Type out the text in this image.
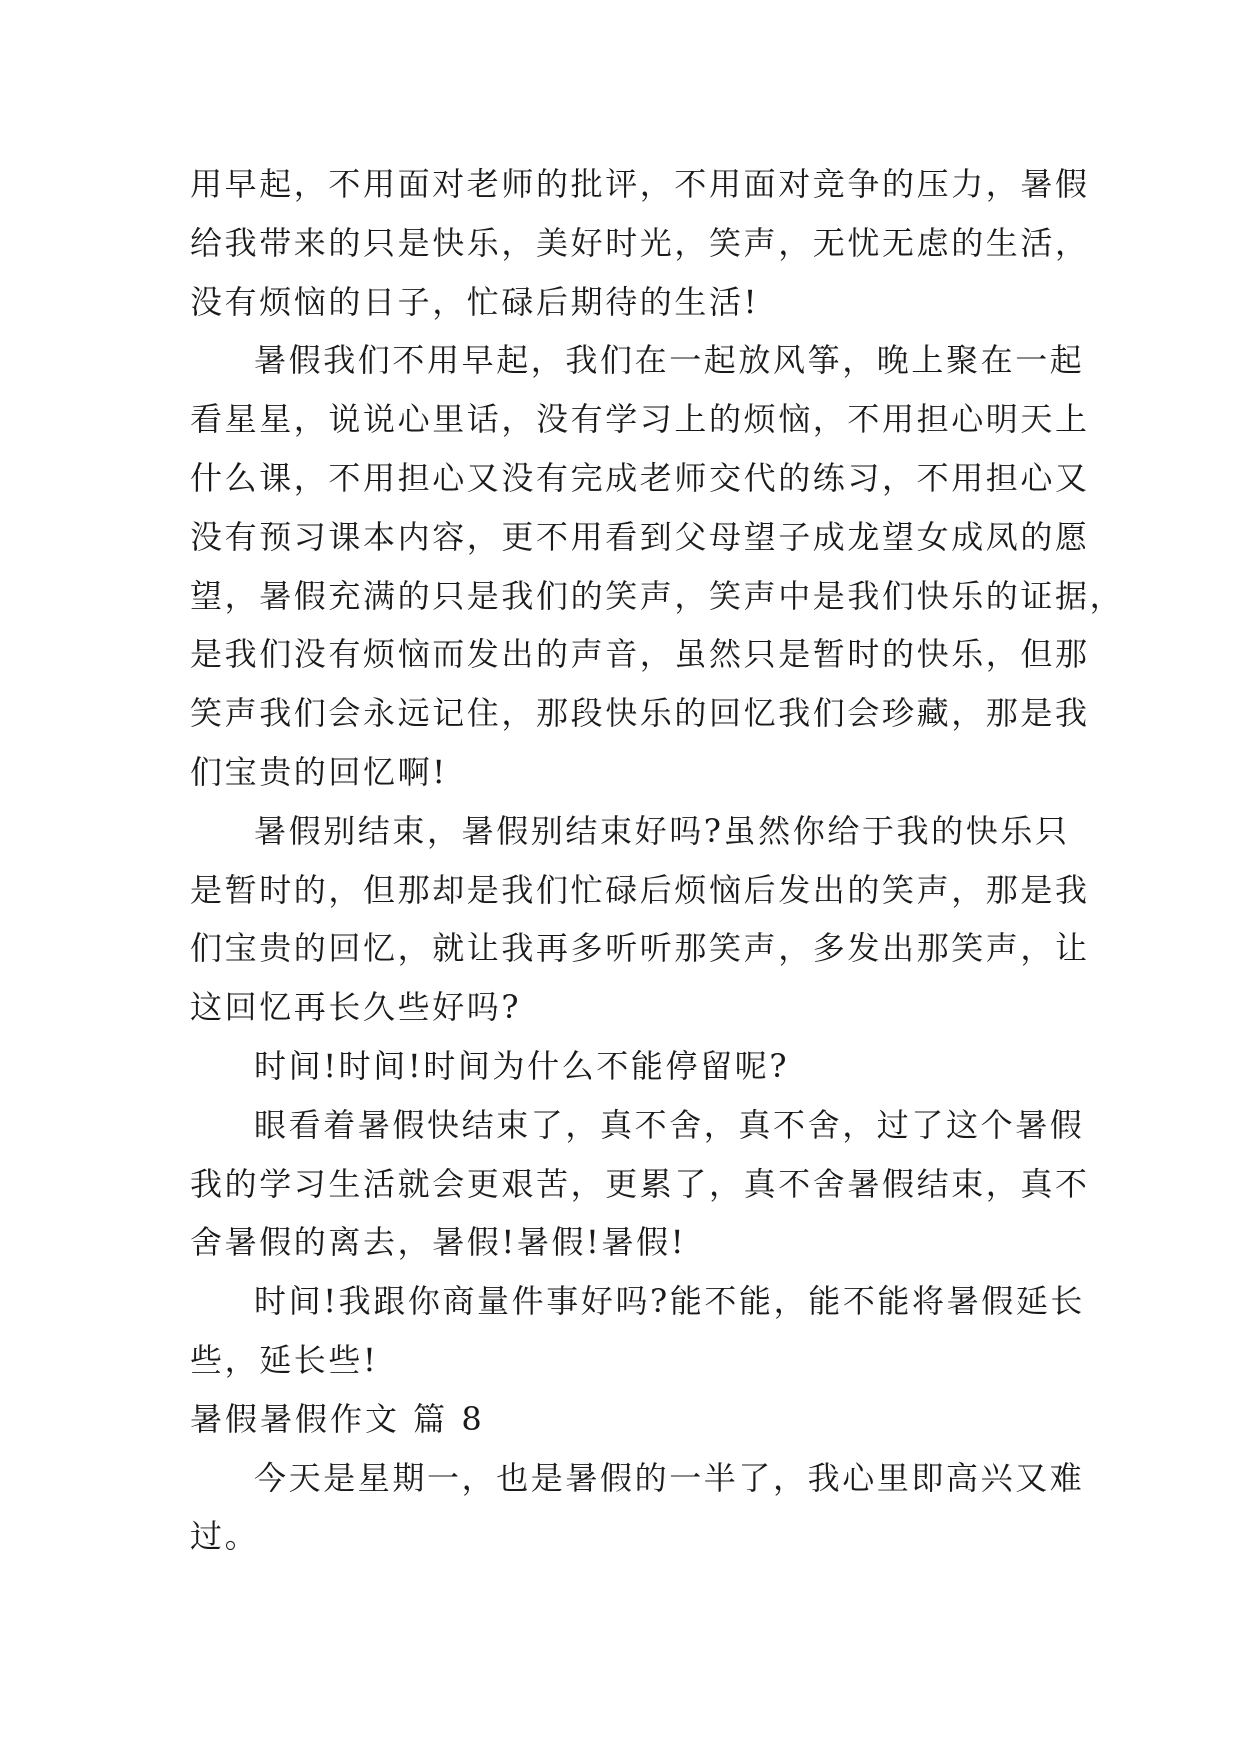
用早起，不用面对老师的批评，不用面对竞争的压力，暑假
给我带来的只是快乐，美好时光，笑声，无忧无虑的生活，
没有烦恼的日子，忙碌后期待的生活!
暑假我们不用早起，我们在一起放风筝，晚上聚在一起
看星星，说说心里话，没有学习上的烦恼，不用担心明天上
什么课，不用担心又没有完成老师交代的练习，不用担心又
没有预习课本内容，更不用看到父母望子成龙望女成凤的愿
望，暑假充满的只是我们的笑声，笑声中是我们快乐的证据，
是我们没有烦恼而发出的声音，虽然只是暂时的快乐，但那
笑声我们会永远记住，那段快乐的回忆我们会珍藏，那是我
们宝贵的回忆啊!
暑假别结束，暑假别结束好吗?虽然你给于我的快乐只
是暂时的，但那却是我们忙碌后烦恼后发出的笑声，那是我
们宝贵的回忆，就让我再多听听那笑声，多发出那笑声，让
这回忆再长久些好吗?
时间!时间!时间为什么不能停留呢?
眼看着暑假快结束了，真不舍，真不舍，过了这个暑假
我的学习生活就会更艰苦，更累了，真不舍暑假结束，真不
舍暑假的离去，暑假!暑假!暑假!
时间!我跟你商量件事好吗?能不能，能不能将暑假延长
些，延长些!
暑假暑假作文 篇 8
今天是星期一，也是暑假的一半了，我心里即高兴又难
过。
